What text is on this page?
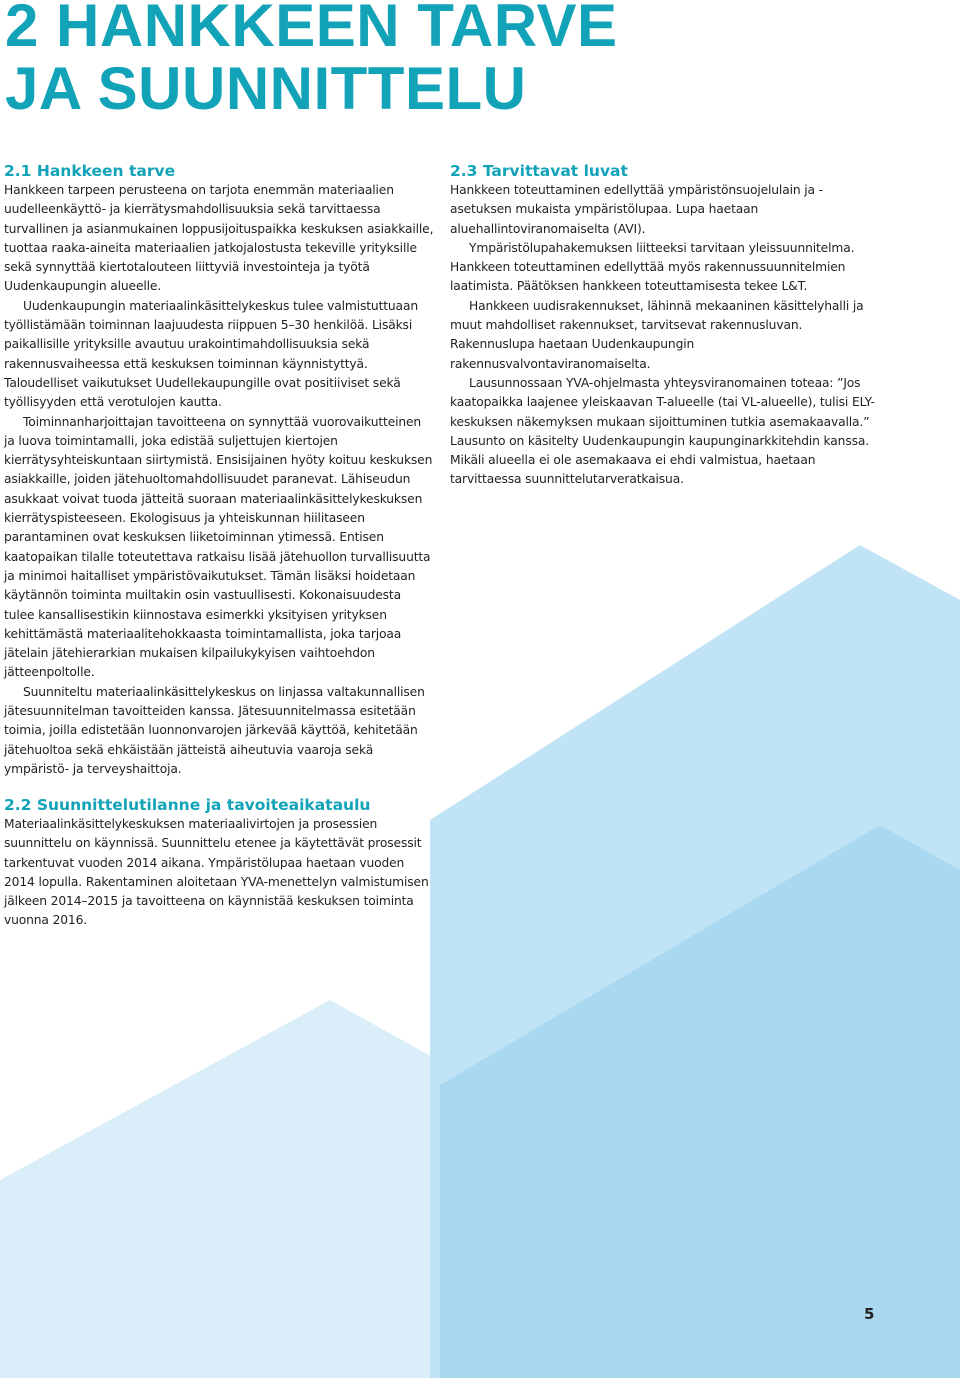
2 HANKKEEN TARVE
JA SUUNNITTELU
2.1 Hankkeen tarve

Hankkeen tarpeen perusteena on tarjota enemmän materiaalien uudelleenkäyttö- ja kierrätysmahdollisuuksia sekä tarvittaessa turvallinen ja asianmukainen loppusijoituspaikka keskuksen asiakkaille, tuottaa raaka-aineita materiaalien jatkojalostusta tekeville yrityksille sekä synnyttää kiertotalouteen liittyviä investointeja ja työtä Uudenkaupungin alueelle.

Uudenkaupungin materiaalinkäsittelykeskus tulee valmistuttuaan työllistämään toiminnan laajuudesta riippuen 5–30 henkilöä. Lisäksi paikallisille yrityksille avautuu urakointimahdollisuuksia sekä rakennusvaiheessa että keskuksen toiminnan käynnistyttyä. Taloudelliset vaikutukset Uudellekaupungille ovat positiiviset sekä työllisyyden että verotulojen kautta.

Toiminnanharjoittajan tavoitteena on synnyttää vuorovaikutteinen ja luova toimintamalli, joka edistää suljettujen kiertojen kierrätysyhteiskuntaan siirtymistä. Ensisijainen hyöty koituu keskuksen asiakkaille, joiden jätehuoltomahdollisuudet paranevat. Lähiseudun asukkaat voivat tuoda jätteitä suoraan materiaalinkäsittelykeskuksen kierrätyspisteeseen. Ekologisuus ja yhteiskunnan hiilitaseen parantaminen ovat keskuksen liiketoiminnan ytimessä. Entisen kaatopaikan tilalle toteutettava ratkaisu lisää jätehuollon turvallisuutta ja minimoi haitalliset ympäristövaikutukset. Tämän lisäksi hoidetaan käytännön toiminta muiltakin osin vastuullisesti. Kokonaisuudesta tulee kansallisestikin kiinnostava esimerkki yksityisen yrityksen kehittämästä materiaalitehokkaasta toimintamallista, joka tarjoaa jätelain jätehierarkian mukaisen kilpailukykyisen vaihtoehdon jätteenpoltolle.

Suunniteltu materiaalinkäsittelykeskus on linjassa valtakunnallisen jätesuunnitelman tavoitteiden kanssa. Jätesuunnitelmassa esitetään toimia, joilla edistetään luonnonvarojen järkevää käyttöä, kehitetään jätehuoltoa sekä ehkäistään jätteistä aiheutuvia vaaroja sekä ympäristö- ja terveyshaittoja.

2.2 Suunnittelutilanne ja tavoiteaikataulu

Materiaalinkäsittelykeskuksen materiaalivirtojen ja prosessien suunnittelu on käynnissä. Suunnittelu etenee ja käytettävät prosessit tarkentuvat vuoden 2014 aikana. Ympäristölupaa haetaan vuoden 2014 lopulla. Rakentaminen aloitetaan YVA-menettelyn valmistumisen jälkeen 2014–2015 ja tavoitteena on käynnistää keskuksen toiminta vuonna 2016.

2.3 Tarvittavat luvat

Hankkeen toteuttaminen edellyttää ympäristönsuojelulain ja -asetuksen mukaista ympäristölupaa. Lupa haetaan aluehallintoviranomaiselta (AVI).

Ympäristölupahakemuksen liitteeksi tarvitaan yleissuunnitelma. Hankkeen toteuttaminen edellyttää myös rakennussuunnitelmien laatimista. Päätöksen hankkeen toteuttamisesta tekee L&T.

Hankkeen uudisrakennukset, lähinnä mekaaninen käsittelyhalli ja muut mahdolliset rakennukset, tarvitsevat rakennusluvan. Rakennuslupa haetaan Uudenkaupungin rakennusvalvontaviranomaiselta.

Lausunnossaan YVA-ohjelmasta yhteysviranomainen toteaa: ”Jos kaatopaikka laajenee yleiskaavan T-alueelle (tai VL-alueelle), tulisi ELY-keskuksen näkemyksen mukaan sijoittuminen tutkia asemakaavalla.” Lausunto on käsitelty Uudenkaupungin kaupunginarkkitehdin kanssa. Mikäli alueella ei ole asemakaava ei ehdi valmistua, haetaan tarvittaessa suunnittelutarveratkaisua.

5
